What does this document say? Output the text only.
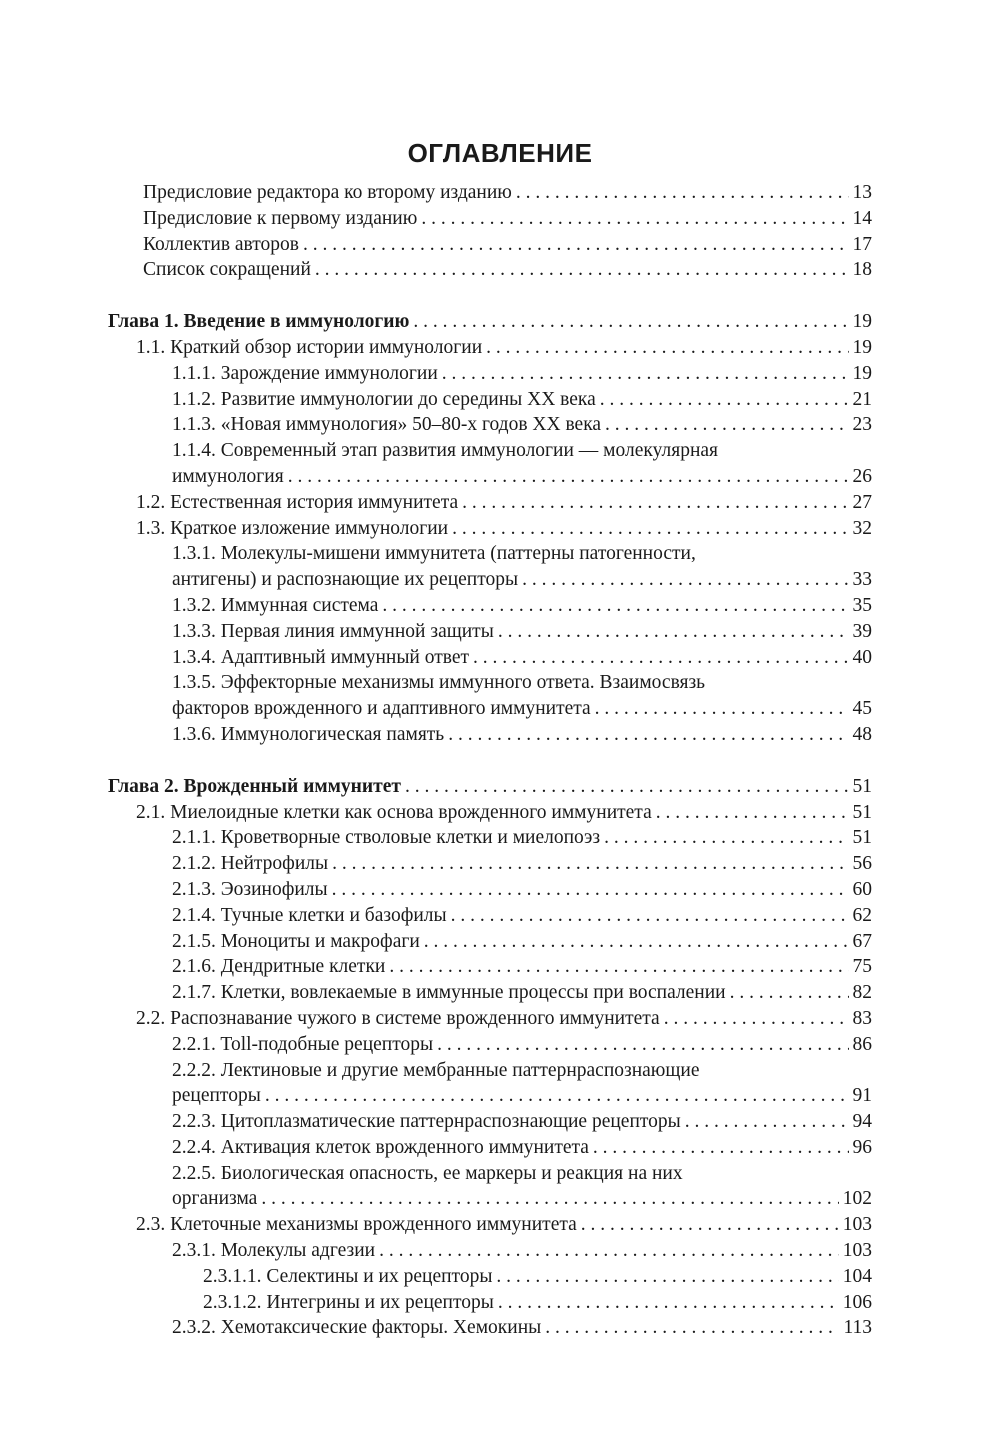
ОГЛАВЛЕНИЕ
Предисловие редактора ко второму изданию . . .	13
Предисловие к первому изданию . . .	14
Коллектив авторов . . .	17
Список сокращений . . .	18
Глава 1. Введение в иммунологию . . .	19
1.1. Краткий обзор истории иммунологии . . .	19
1.1.1. Зарождение иммунологии . . .	19
1.1.2. Развитие иммунологии до середины XX века . . .	21
1.1.3. «Новая иммунология» 50–80-х годов XX века . . .	23
1.1.4. Современный этап развития иммунологии — молекулярная
иммунология . . .	26
1.2. Естественная история иммунитета . . .	27
1.3. Краткое изложение иммунологии . . .	32
1.3.1. Молекулы-мишени иммунитета (паттерны патогенности,
антигены) и распознающие их рецепторы . . .	33
1.3.2. Иммунная система . . .	35
1.3.3. Первая линия иммунной защиты . . .	39
1.3.4. Адаптивный иммунный ответ . . .	40
1.3.5. Эффекторные механизмы иммунного ответа. Взаимосвязь
факторов врожденного и адаптивного иммунитета . . .	45
1.3.6. Иммунологическая память . . .	48
Глава 2. Врожденный иммунитет . . .	51
2.1. Миелоидные клетки как основа врожденного иммунитета . . .	51
2.1.1. Кроветворные стволовые клетки и миелопоэз . . .	51
2.1.2. Нейтрофилы . . .	56
2.1.3. Эозинофилы . . .	60
2.1.4. Тучные клетки и базофилы . . .	62
2.1.5. Моноциты и макрофаги . . .	67
2.1.6. Дендритные клетки . . .	75
2.1.7. Клетки, вовлекаемые в иммунные процессы при воспалении . . .	82
2.2. Распознавание чужого в системе врожденного иммунитета . . .	83
2.2.1. Toll-подобные рецепторы . . .	86
2.2.2. Лектиновые и другие мембранные паттернраспознающие
рецепторы . . .	91
2.2.3. Цитоплазматические паттернраспознающие рецепторы . . .	94
2.2.4. Активация клеток врожденного иммунитета . . .	96
2.2.5. Биологическая опасность, ее маркеры и реакция на них
организма . . .	102
2.3. Клеточные механизмы врожденного иммунитета . . .	103
2.3.1. Молекулы адгезии . . .	103
2.3.1.1. Селектины и их рецепторы . . .	104
2.3.1.2. Интегрины и их рецепторы . . .	106
2.3.2. Хемотаксические факторы. Хемокины . . .	113
